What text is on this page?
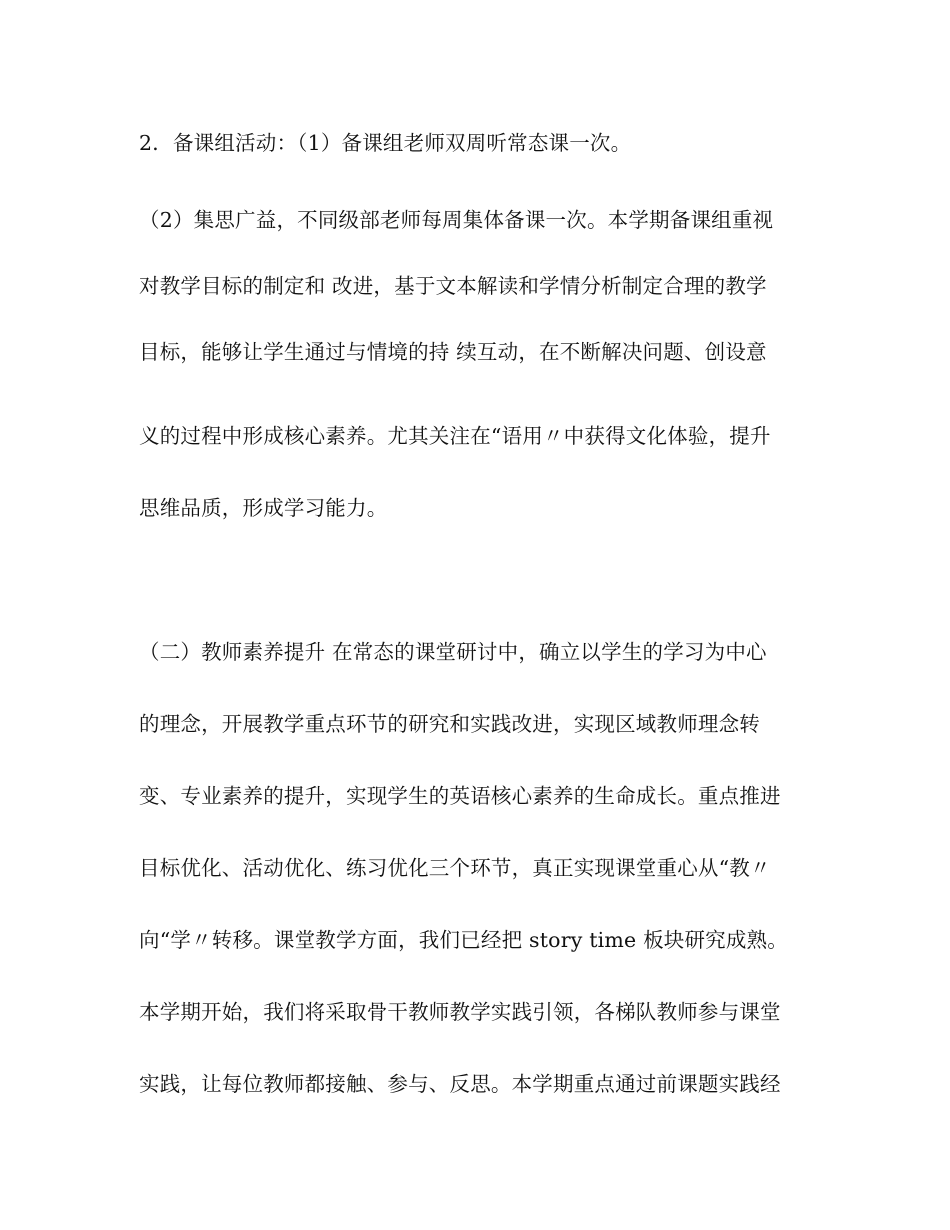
2．备课组活动：（1）备课组老师双周听常态课一次。

（2）集思广益，不同级部老师每周集体备课一次。本学期备课组重视

对教学目标的制定和 改进，基于文本解读和学情分析制定合理的教学

目标，能够让学生通过与情境的持 续互动，在不断解决问题、创设意

义的过程中形成核心素养。尤其关注在“语用〃中获得文化体验，提升

思维品质，形成学习能力。

（二）教师素养提升 在常态的课堂研讨中，确立以学生的学习为中心

的理念，开展教学重点环节的研究和实践改进，实现区域教师理念转

变、专业素养的提升，实现学生的英语核心素养的生命成长。重点推进

目标优化、活动优化、练习优化三个环节，真正实现课堂重心从“教〃

向“学〃转移。课堂教学方面，我们已经把 story time 板块研究成熟。

本学期开始，我们将采取骨干教师教学实践引领，各梯队教师参与课堂

实践，让每位教师都接触、参与、反思。本学期重点通过前课题实践经
